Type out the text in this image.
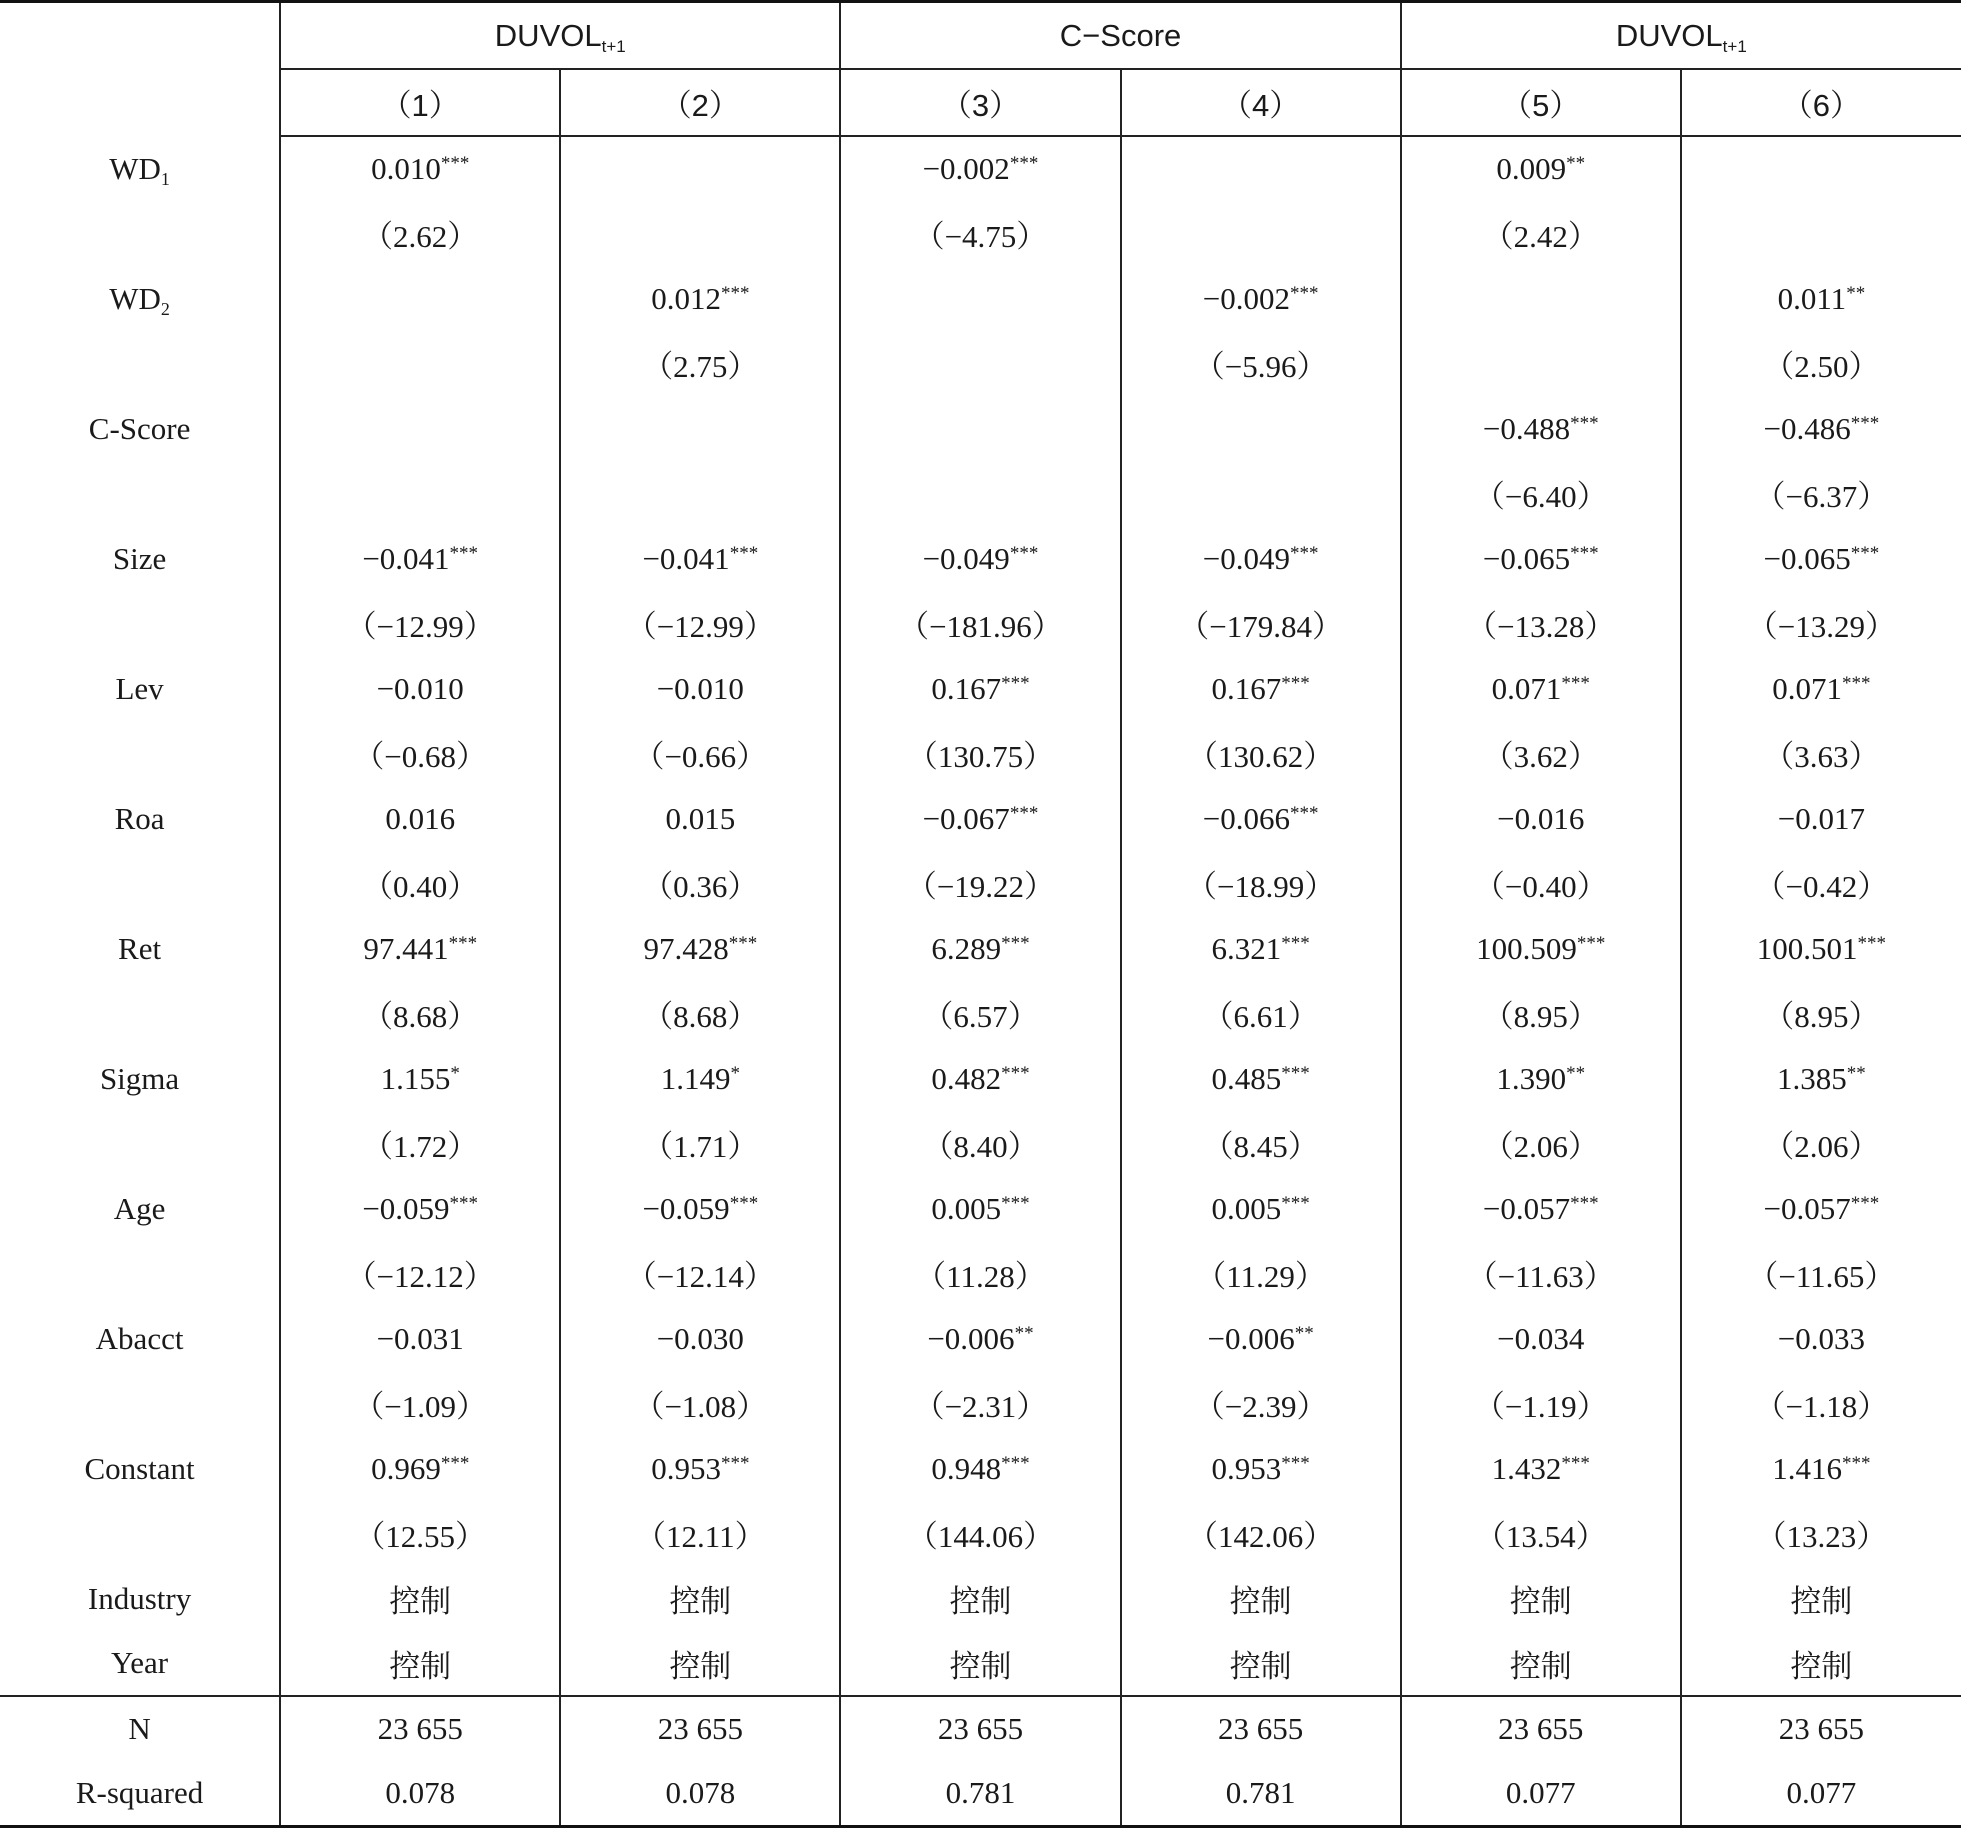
	DUVOLt+1		C−Score		DUVOLt+1	
	（1）	（2）	（3）	（4）	（5）	（6）
WD1	0.010***		−0.002***		0.009**	
	（2.62）		（−4.75）		（2.42）	
WD2		0.012***		−0.002***		0.011**
		（2.75）		（−5.96）		（2.50）
C-Score					−0.488***	−0.486***
					（−6.40）	（−6.37）
Size	−0.041***	−0.041***	−0.049***	−0.049***	−0.065***	−0.065***
	（−12.99）	（−12.99）	（−181.96）	（−179.84）	（−13.28）	（−13.29）
Lev	−0.010	−0.010	0.167***	0.167***	0.071***	0.071***
	（−0.68）	（−0.66）	（130.75）	（130.62）	（3.62）	（3.63）
Roa	0.016	0.015	−0.067***	−0.066***	−0.016	−0.017
	（0.40）	（0.36）	（−19.22）	（−18.99）	（−0.40）	（−0.42）
Ret	97.441***	97.428***	6.289***	6.321***	100.509***	100.501***
	（8.68）	（8.68）	（6.57）	（6.61）	（8.95）	（8.95）
Sigma	1.155*	1.149*	0.482***	0.485***	1.390**	1.385**
	（1.72）	（1.71）	（8.40）	（8.45）	（2.06）	（2.06）
Age	−0.059***	−0.059***	0.005***	0.005***	−0.057***	−0.057***
	（−12.12）	（−12.14）	（11.28）	（11.29）	（−11.63）	（−11.65）
Abacct	−0.031	−0.030	−0.006**	−0.006**	−0.034	−0.033
	（−1.09）	（−1.08）	（−2.31）	（−2.39）	（−1.19）	（−1.18）
Constant	0.969***	0.953***	0.948***	0.953***	1.432***	1.416***
	（12.55）	（12.11）	（144.06）	（142.06）	（13.54）	（13.23）
Industry	控制	控制	控制	控制	控制	控制
Year	控制	控制	控制	控制	控制	控制
N	23 655	23 655	23 655	23 655	23 655	23 655
R-squared	0.078	0.078	0.781	0.781	0.077	0.077
